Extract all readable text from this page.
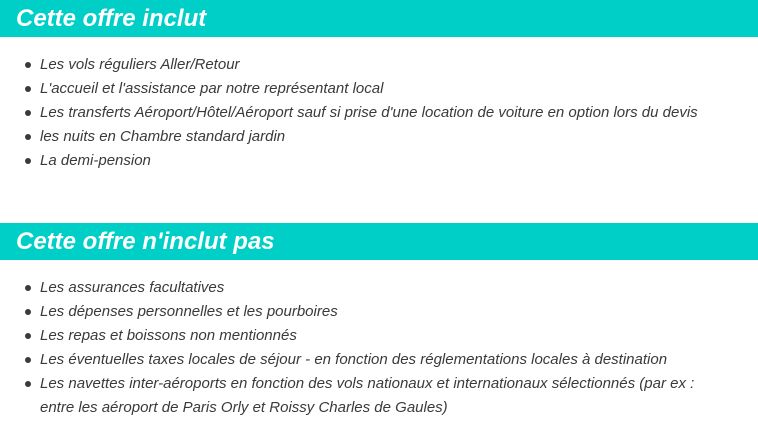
Cette offre inclut
Les vols réguliers Aller/Retour
L'accueil et l'assistance par notre représentant local
Les transferts Aéroport/Hôtel/Aéroport sauf si prise d'une location de voiture en option lors du devis
les nuits en Chambre standard jardin
La demi-pension
Cette offre n'inclut pas
Les assurances facultatives
Les dépenses personnelles et les pourboires
Les repas et boissons non mentionnés
Les éventuelles taxes locales de séjour - en fonction des réglementations locales à destination
Les navettes inter-aéroports en fonction des vols nationaux et internationaux sélectionnés (par ex : entre les aéroport de Paris Orly et Roissy Charles de Gaules)
